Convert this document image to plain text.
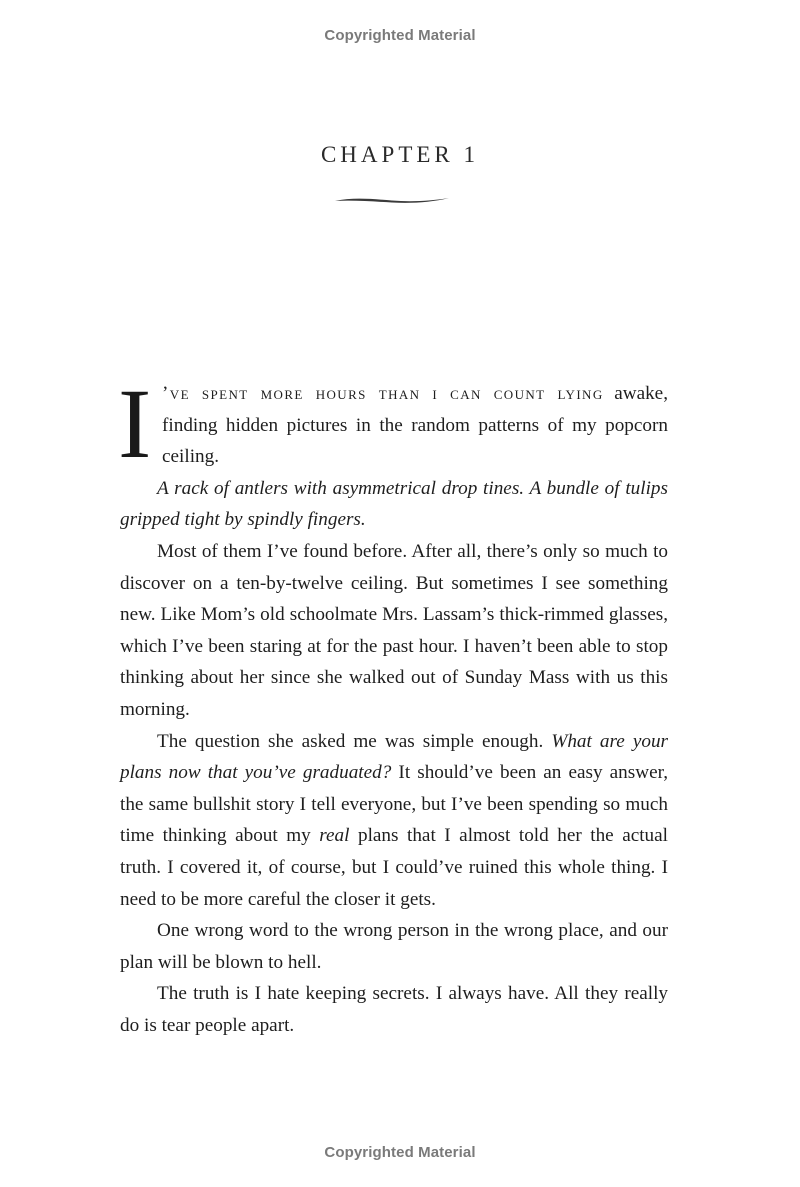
Copyrighted Material
CHAPTER 1
I ’ve spent more hours than i can count lying awake, finding hidden pictures in the random patterns of my popcorn ceiling.

A rack of antlers with asymmetrical drop tines. A bundle of tulips gripped tight by spindly fingers.

Most of them I’ve found before. After all, there’s only so much to discover on a ten-by-twelve ceiling. But sometimes I see something new. Like Mom’s old schoolmate Mrs. Lassam’s thick-rimmed glasses, which I’ve been staring at for the past hour. I haven’t been able to stop thinking about her since she walked out of Sunday Mass with us this morning.

The question she asked me was simple enough. What are your plans now that you’ve graduated? It should’ve been an easy answer, the same bullshit story I tell everyone, but I’ve been spending so much time thinking about my real plans that I almost told her the actual truth. I covered it, of course, but I could’ve ruined this whole thing. I need to be more careful the closer it gets.

One wrong word to the wrong person in the wrong place, and our plan will be blown to hell.

The truth is I hate keeping secrets. I always have. All they really do is tear people apart.

Copyrighted Material
